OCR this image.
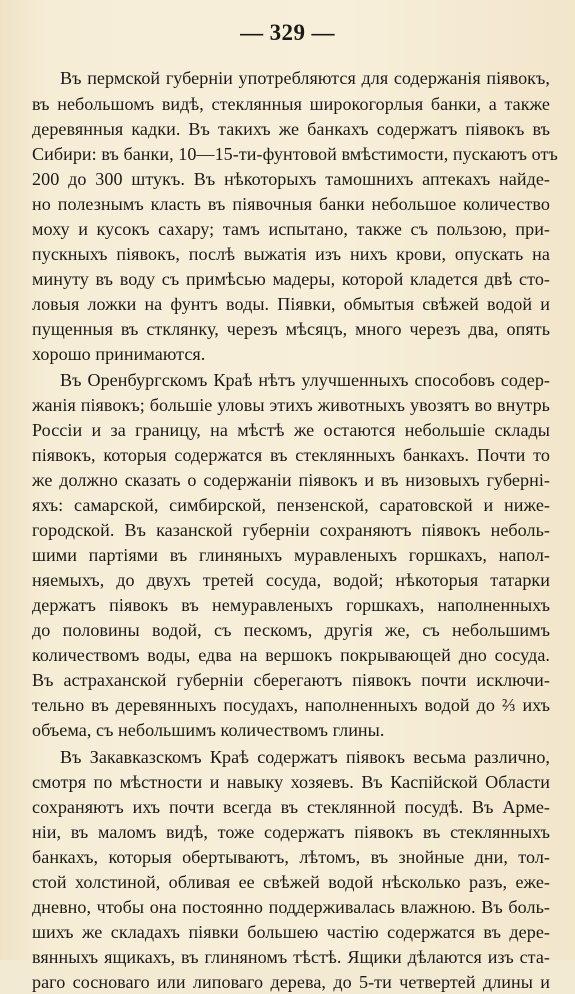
— 329 —
Въ пермской губерніи употребляются для содержанія піявокъ,
въ небольшомъ видѣ, стеклянныя широкогорлыя банки, а также
деревянныя кадки. Въ такихъ же банкахъ содержатъ піявокъ въ
Сибири: въ банки, 10—15-ти-фунтовой вмѣстимости, пускаютъ отъ
200 до 300 штукъ. Въ нѣкоторыхъ тамошнихъ аптекахъ найде-
но полезнымъ класть въ піявочныя банки небольшое количество
моху и кусокъ сахару; тамъ испытано, также съ пользою, при-
пускныхъ піявокъ, послѣ выжатія изъ нихъ крови, опускать на
минуту въ воду съ примѣсью мадеры, которой кладется двѣ сто-
ловыя ложки на фунтъ воды. Піявки, обмытыя свѣжей водой и
пущенныя въ стклянку, черезъ мѣсяцъ, много черезъ два, опять
хорошо принимаются.
Въ Оренбургскомъ Краѣ нѣтъ улучшенныхъ способовъ содер-
жанія піявокъ; большіе уловы этихъ животныхъ увозятъ во внутрь
Россіи и за границу, на мѣстѣ же остаются небольшіе склады
піявокъ, которыя содержатся въ стеклянныхъ банкахъ. Почти то
же должно сказать о содержаніи піявокъ и въ низовыхъ губерні-
яхъ: самарской, симбирской, пензенской, саратовской и ниже-
городской. Въ казанской губерніи сохраняютъ піявокъ неболь-
шими партіями въ глиняныхъ муравленыхъ горшкахъ, напол-
няемыхъ, до двухъ третей сосуда, водой; нѣкоторыя татарки
держатъ піявокъ въ немуравленыхъ горшкахъ, наполненныхъ
до половины водой, съ пескомъ, другія же, съ небольшимъ
количествомъ воды, едва на вершокъ покрывающей дно сосуда.
Въ астраханской губерніи сберегаютъ піявокъ почти исключи-
тельно въ деревянныхъ посудахъ, наполненныхъ водой до ⅔ ихъ
объема, съ небольшимъ количествомъ глины.
Въ Закавказскомъ Краѣ содержатъ піявокъ весьма различно,
смотря по мѣстности и навыку хозяевъ. Въ Каспійской Области
сохраняютъ ихъ почти всегда въ стеклянной посудѣ. Въ Арме-
ніи, въ маломъ видѣ, тоже содержатъ піявокъ въ стеклянныхъ
банкахъ, которыя обертываютъ, лѣтомъ, въ знойные дни, тол-
стой холстиной, обливая ее свѣжей водой нѣсколько разъ, еже-
дневно, чтобы она постоянно поддерживалась влажною. Въ боль-
шихъ же складахъ піявки большею частію содержатся въ дере-
вянныхъ ящикахъ, въ глиняномъ тѣстѣ. Ящики дѣлаются изъ ста-
раго сосноваго или липоваго дерева, до 5-ти четвертей длины и
